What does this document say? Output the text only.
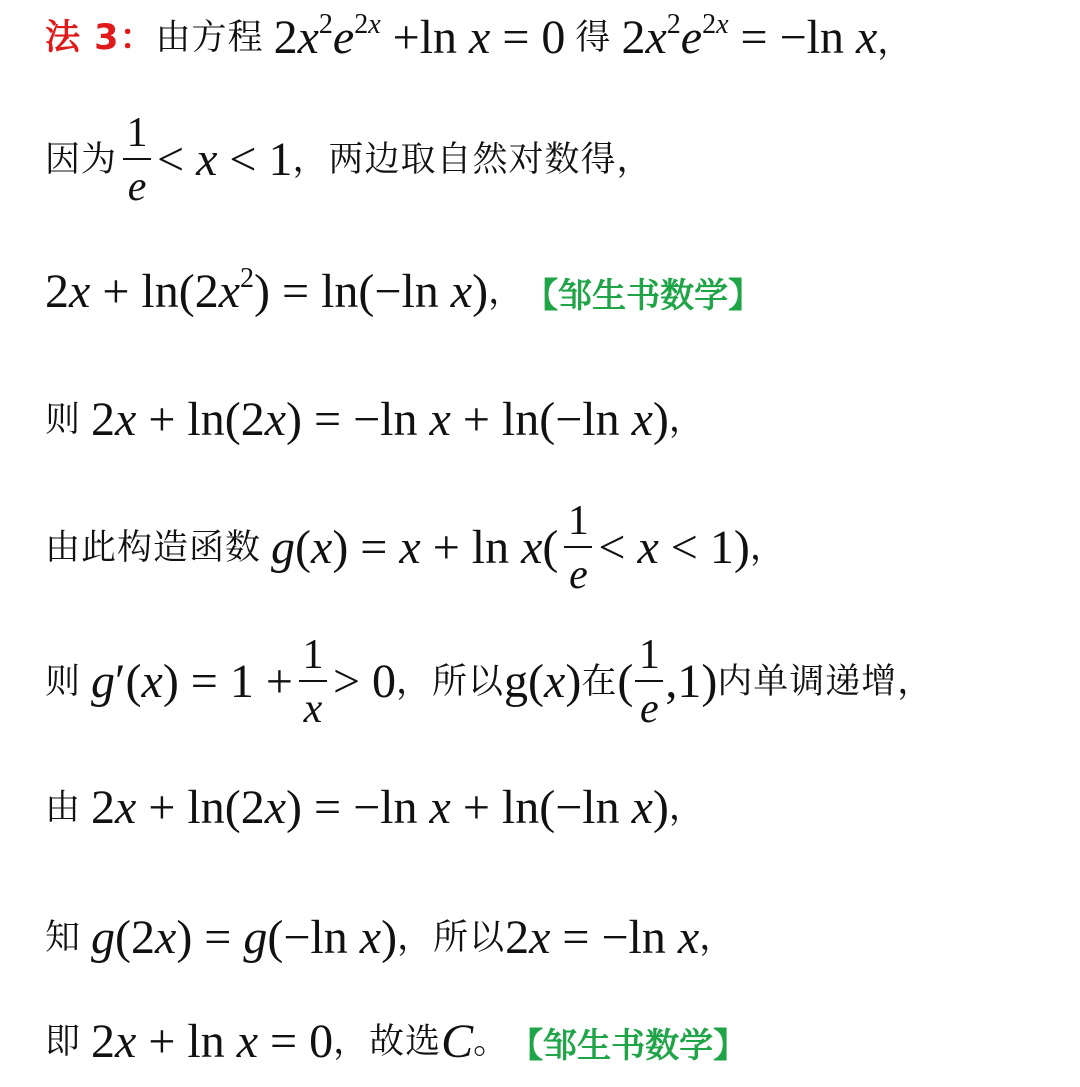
法 3： 由方程 $2x^2e^{2x} +\ln$ x = 0 得 $2x^2e^{2x} = -\ln$ x，
因为 $\frac{1}{e} < x < 1$ ，两边取自然对数得，
$2x + \ln(2x^2) = \ln(-\ln$ x) ， 【邹生书数学】
则 2x + ln(2x) = −ln x + ln(−ln x) ，
由此构造函数 $g(x) = x + \ln x( \frac{1}{e} < x < 1)$ ，
则 $g'(x) = 1 + \frac{1}{x} > 0$ ，所以 g(x) 在 ( $\frac{1}{e} ,1$) 内单调递增，
由 2x + ln(2x) = −ln x + ln(−ln x) ，
知 g(2x) = g(−ln x) ，所以 2x = −ln x ，
即 2x + ln x = 0 ，故选 C 。 【邹生书数学】
